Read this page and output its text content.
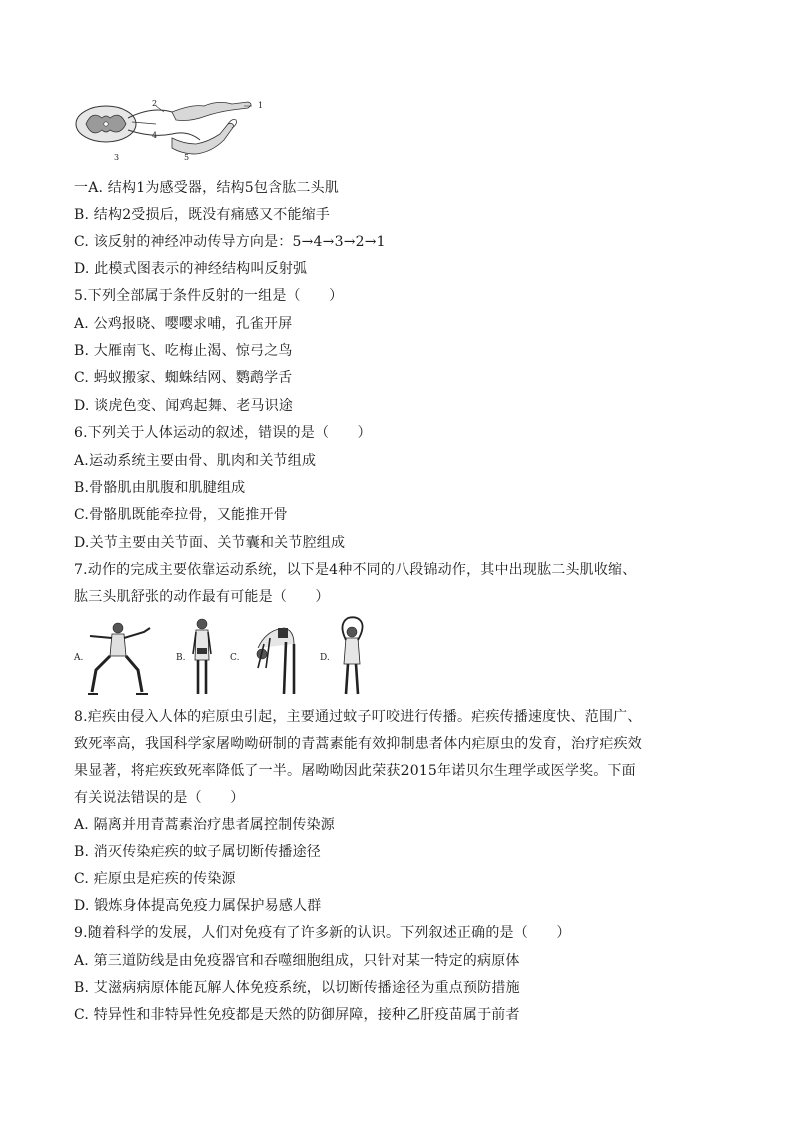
1
2
3
4
5
一A. 结构1为感受器，结构5包含肱二头肌
B. 结构2受损后，既没有痛感又不能缩手
C. 该反射的神经冲动传导方向是：5→4→3→2→1
D. 此模式图表示的神经结构叫反射弧
5.下列全部属于条件反射的一组是（　　）
A. 公鸡报晓、嘤嘤求哺，孔雀开屏
B. 大雁南飞、吃梅止渴、惊弓之鸟
C. 蚂蚁搬家、蜘蛛结网、鹦鹉学舌
D. 谈虎色变、闻鸡起舞、老马识途
6.下列关于人体运动的叙述，错误的是（　　）
A.运动系统主要由骨、肌肉和关节组成
B.骨骼肌由肌腹和肌腱组成
C.骨骼肌既能牵拉骨，又能推开骨
D.关节主要由关节面、关节囊和关节腔组成
7.动作的完成主要依靠运动系统，以下是4种不同的八段锦动作，其中出现肱二头肌收缩、
肱三头肌舒张的动作最有可能是（　　）
A.	B.	C.	D.
8.疟疾由侵入人体的疟原虫引起，主要通过蚊子叮咬进行传播。疟疾传播速度快、范围广、
致死率高，我国科学家屠呦呦研制的青蒿素能有效抑制患者体内疟原虫的发育，治疗疟疾效
果显著，将疟疾致死率降低了一半。屠呦呦因此荣获2015年诺贝尔生理学或医学奖。下面
有关说法错误的是（　　）
A. 隔离并用青蒿素治疗患者属控制传染源
B. 消灭传染疟疾的蚊子属切断传播途径
C. 疟原虫是疟疾的传染源
D. 锻炼身体提高免疫力属保护易感人群
9.随着科学的发展，人们对免疫有了许多新的认识。下列叙述正确的是（　　）
A. 第三道防线是由免疫器官和吞噬细胞组成，只针对某一特定的病原体
B. 艾滋病病原体能瓦解人体免疫系统，以切断传播途径为重点预防措施
C. 特异性和非特异性免疫都是天然的防御屏障，接种乙肝疫苗属于前者
